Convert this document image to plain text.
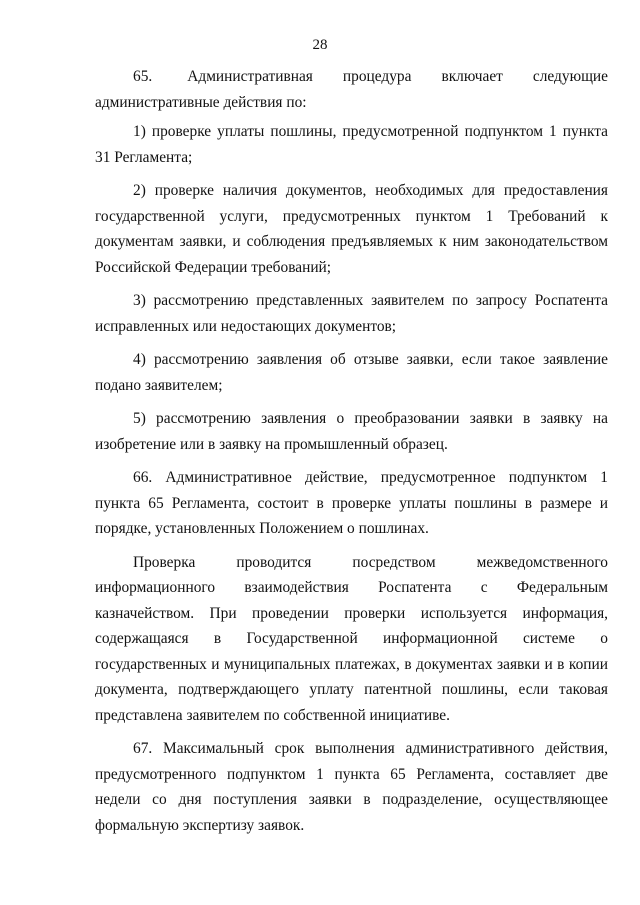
28

65.       Административная      процедура      включает      следующие административные действия по:

1) проверке уплаты пошлины, предусмотренной подпунктом 1 пункта 31 Регламента;

2) проверке наличия документов, необходимых для предоставления государственной услуги, предусмотренных пунктом 1 Требований к документам заявки, и соблюдения предъявляемых к ним законодательством Российской Федерации требований;

3) рассмотрению представленных заявителем по запросу Роспатента исправленных или недостающих документов;

4) рассмотрению заявления об отзыве заявки, если такое заявление подано заявителем;

5) рассмотрению заявления о преобразовании заявки в заявку на изобретение или в заявку на промышленный образец.

66. Административное действие, предусмотренное подпунктом 1 пункта 65 Регламента, состоит в проверке уплаты пошлины в размере и порядке, установленных Положением о пошлинах.

Проверка проводится посредством межведомственного информационного взаимодействия Роспатента с Федеральным казначейством. При проведении проверки используется информация, содержащаяся в Государственной информационной системе о государственных и муниципальных платежах, в документах заявки и в копии документа, подтверждающего уплату патентной пошлины, если таковая представлена заявителем по собственной инициативе.

67. Максимальный срок выполнения административного действия, предусмотренного подпунктом 1 пункта 65 Регламента, составляет две недели со дня поступления заявки в подразделение, осуществляющее формальную экспертизу заявок.
